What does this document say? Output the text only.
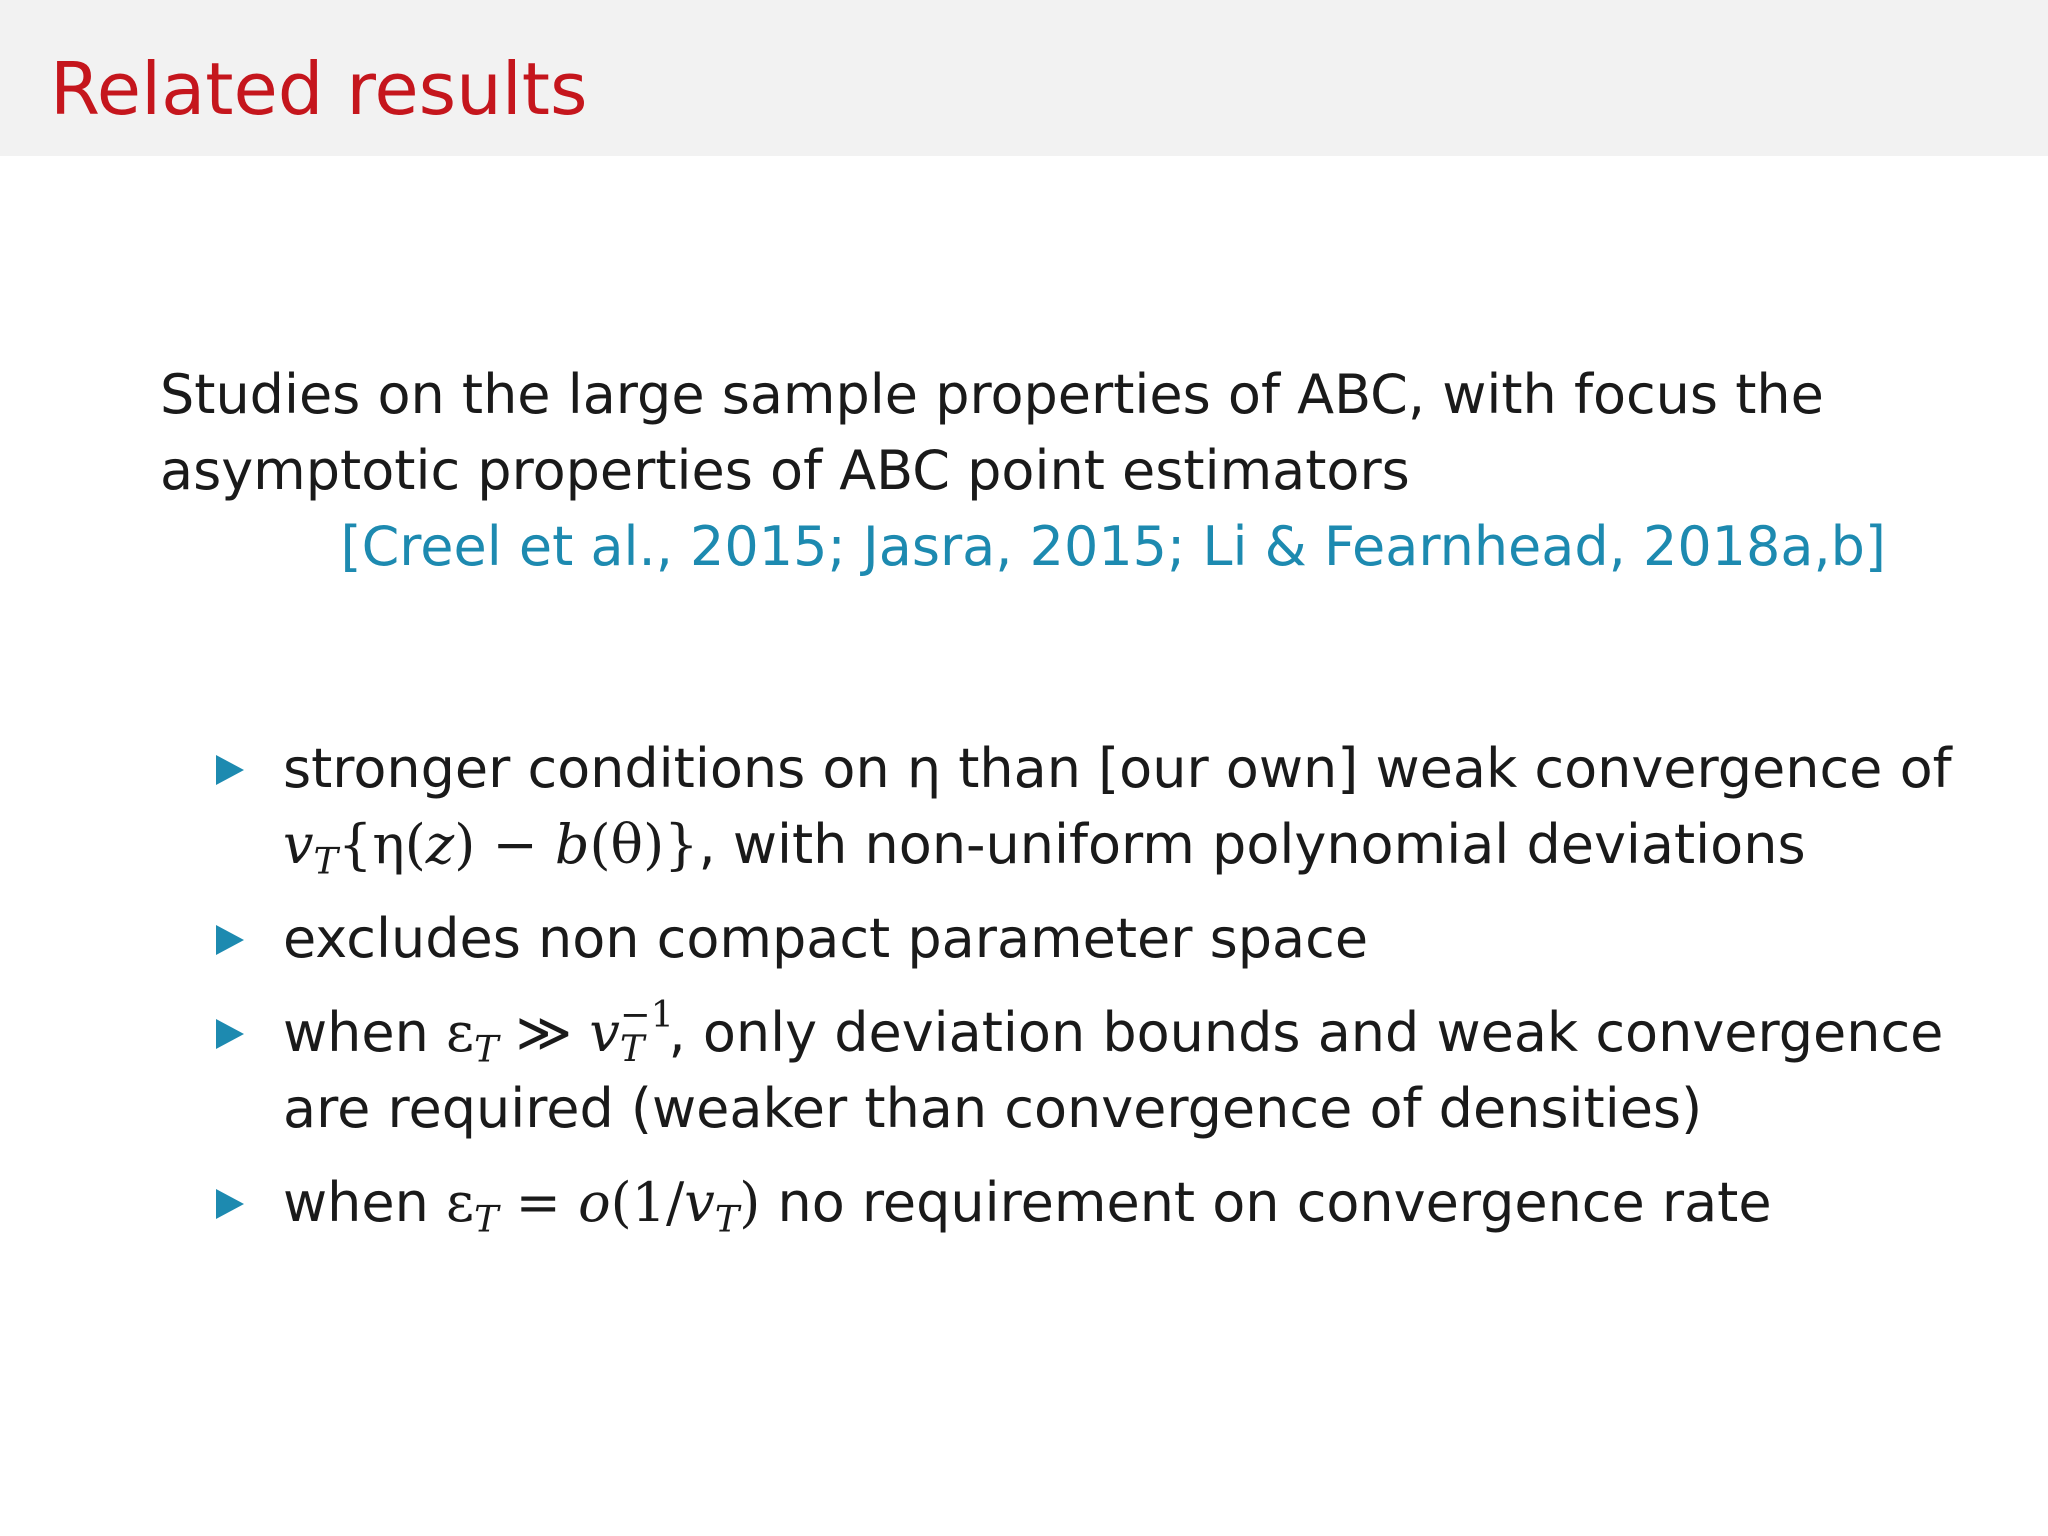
Related results

Studies on the large sample properties of ABC, with focus the

asymptotic properties of ABC point estimators

[Creel et al., 2015; Jasra, 2015; Li & Fearnhead, 2018a,b]
stronger conditions on η than [our own] weak convergence of
$v_T\{\eta(z) - b(\theta)\}$, with non-uniform polynomial deviations
excludes non compact parameter space
when $\varepsilon_T$ ≫ v −1
T , only deviation bounds and weak convergence
are required (weaker than convergence of densities)
when $\varepsilon_T = o(1/v_T)$ no requirement on convergence rate
